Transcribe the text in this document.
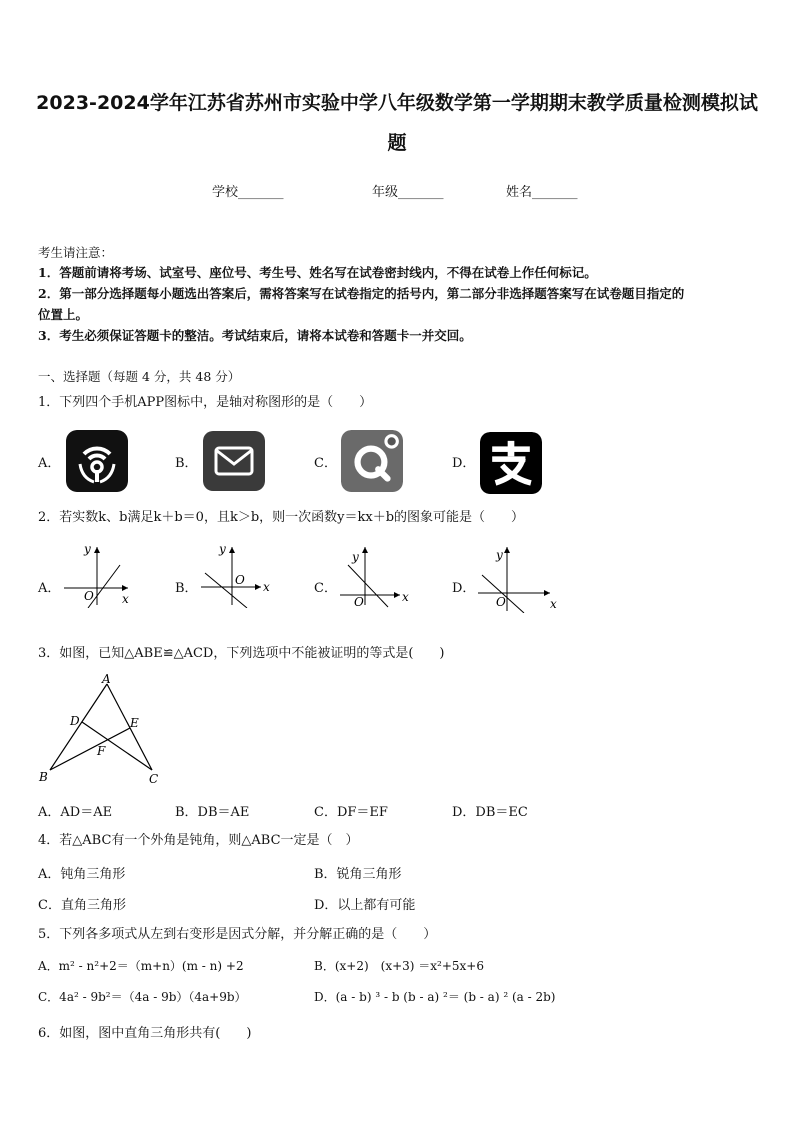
2023-2024学年江苏省苏州市实验中学八年级数学第一学期期末教学质量检测模拟试
题
学校_______	年级_______	姓名_______
考生请注意：
1．答题前请将考场、试室号、座位号、考生号、姓名写在试卷密封线内，不得在试卷上作任何标记。
2．第一部分选择题每小题选出答案后，需将答案写在试卷指定的括号内，第二部分非选择题答案写在试卷题目指定的
位置上。
3．考生必须保证答题卡的整洁。考试结束后，请将本试卷和答题卡一并交回。
一、选择题（每题 4 分，共 48 分）
1．下列四个手机APP图标中，是轴对称图形的是（　　）
A．	B．	C．	D．
2．若实数k、b满足k＋b＝0，且k＞b，则一次函数y＝kx＋b的图象可能是（　　）
A．
y
O x
B．
y
O x	C．
y
O	x
D．
y
O	x
3．如图，已知△ABE≌△ACD，下列选项中不能被证明的等式是(　　)
A
D	E
F
B	C
A．AD＝AE	B．DB＝AE	C．DF＝EF	D．DB＝EC
4．若△ABC有一个外角是钝角，则△ABC一定是（　）
A．钝角三角形	B．锐角三角形
C．直角三角形	D．以上都有可能
5．下列各多项式从左到右变形是因式分解，并分解正确的是（　　）
A．m² - n²+2＝（m+n）(m - n) +2	B．(x+2)　(x+3) ＝x²+5x+6
C．4a² - 9b²＝（4a - 9b）（4a+9b）	D．(a - b) ³ - b (b - a) ²＝ (b - a) ² (a - 2b)
6．如图，图中直角三角形共有(　　)
